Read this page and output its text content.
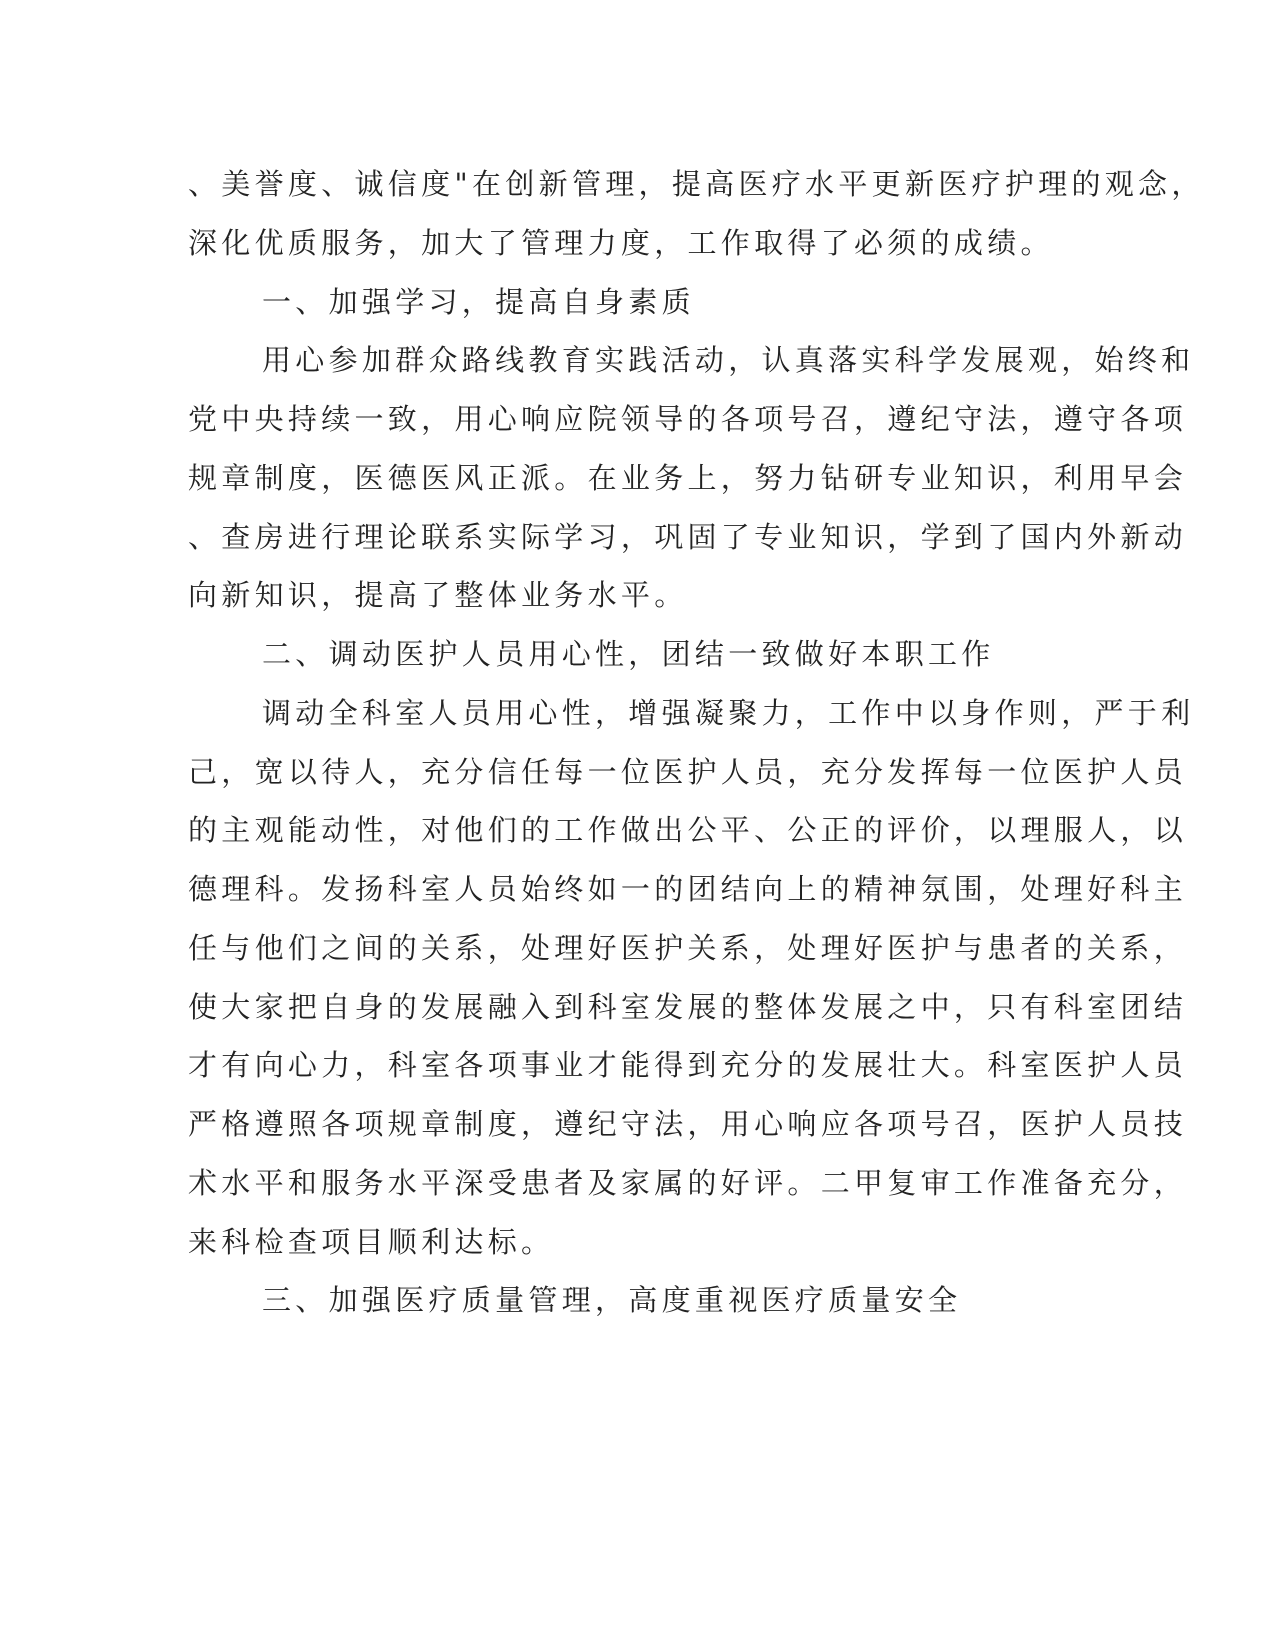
、美誉度、诚信度"在创新管理，提高医疗水平更新医疗护理的观念，

深化优质服务，加大了管理力度，工作取得了必须的成绩。

一、加强学习，提高自身素质

用心参加群众路线教育实践活动，认真落实科学发展观，始终和

党中央持续一致，用心响应院领导的各项号召，遵纪守法，遵守各项

规章制度，医德医风正派。在业务上，努力钻研专业知识，利用早会

、查房进行理论联系实际学习，巩固了专业知识，学到了国内外新动

向新知识，提高了整体业务水平。

二、调动医护人员用心性，团结一致做好本职工作

调动全科室人员用心性，增强凝聚力，工作中以身作则，严于利

己，宽以待人，充分信任每一位医护人员，充分发挥每一位医护人员

的主观能动性，对他们的工作做出公平、公正的评价，以理服人，以

德理科。发扬科室人员始终如一的团结向上的精神氛围，处理好科主

任与他们之间的关系，处理好医护关系，处理好医护与患者的关系，

使大家把自身的发展融入到科室发展的整体发展之中，只有科室团结

才有向心力，科室各项事业才能得到充分的发展壮大。科室医护人员

严格遵照各项规章制度，遵纪守法，用心响应各项号召，医护人员技

术水平和服务水平深受患者及家属的好评。二甲复审工作准备充分，

来科检查项目顺利达标。

三、加强医疗质量管理，高度重视医疗质量安全
